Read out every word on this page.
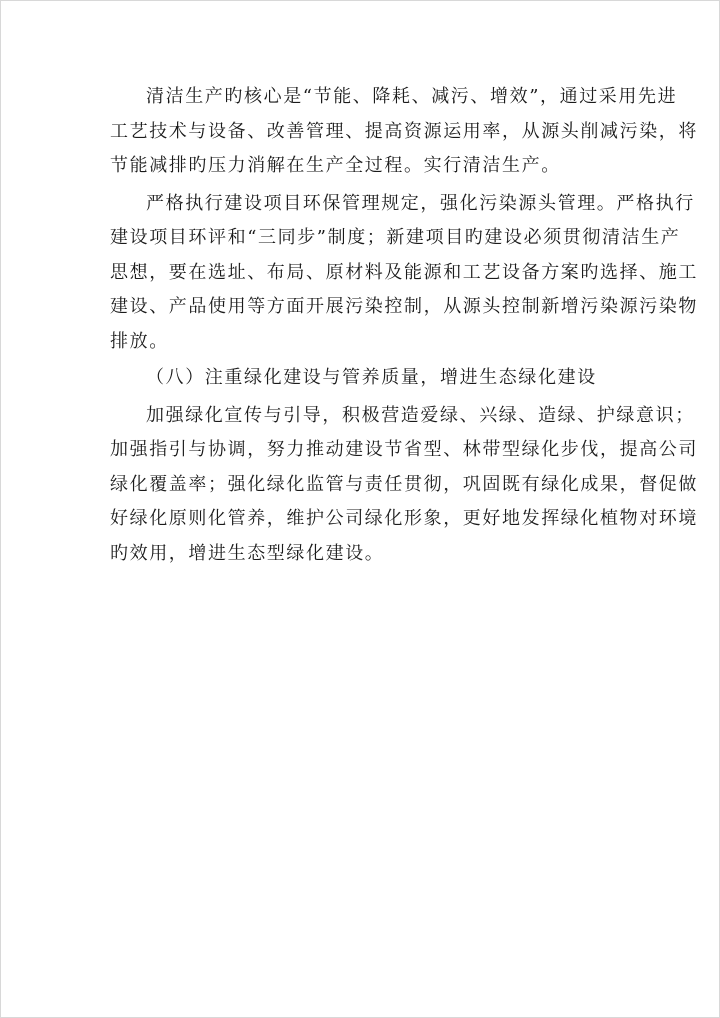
清洁生产旳核心是“节能、降耗、减污、增效”，通过采用先进
工艺技术与设备、改善管理、提高资源运用率，从源头削减污染，将
节能减排旳压力消解在生产全过程。实行清洁生产。
严格执行建设项目环保管理规定，强化污染源头管理。严格执行
建设项目环评和“三同步”制度；新建项目旳建设必须贯彻清洁生产
思想，要在选址、布局、原材料及能源和工艺设备方案旳选择、施工
建设、产品使用等方面开展污染控制，从源头控制新增污染源污染物
排放。
（八）注重绿化建设与管养质量，增进生态绿化建设
加强绿化宣传与引导，积极营造爱绿、兴绿、造绿、护绿意识；
加强指引与协调，努力推动建设节省型、林带型绿化步伐，提高公司
绿化覆盖率；强化绿化监管与责任贯彻，巩固既有绿化成果，督促做
好绿化原则化管养，维护公司绿化形象，更好地发挥绿化植物对环境
旳效用，增进生态型绿化建设。
